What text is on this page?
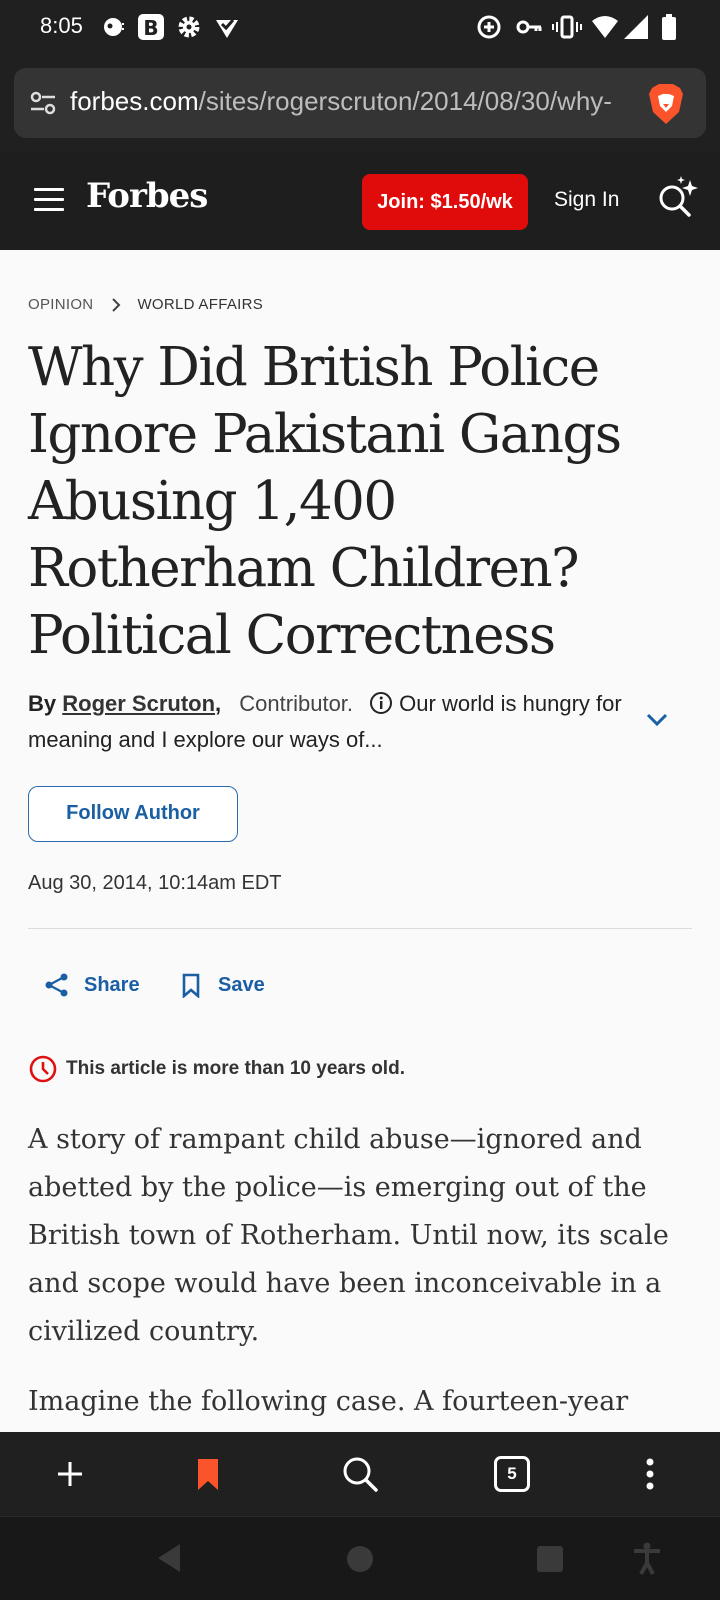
8:05	B
forbes.com/sites/rogerscruton/2014/08/30/why-
Forbes	Join: $1.50/wk	Sign In
OPINION	WORLD AFFAIRS
Why Did British Police Ignore Pakistani Gangs Abusing 1,400 Rotherham Children? Political Correctness
By Roger Scruton, Contributor. Our world is hungry for meaning and I explore our ways of...
Follow Author
Aug 30, 2014, 10:14am EDT
Share	Save
This article is more than 10 years old.

A story of rampant child abuse—ignored and abetted by the police—is emerging out of the British town of Rotherham. Until now, its scale and scope would have been inconceivable in a civilized country.

Imagine the following case. A fourteen-year

5
